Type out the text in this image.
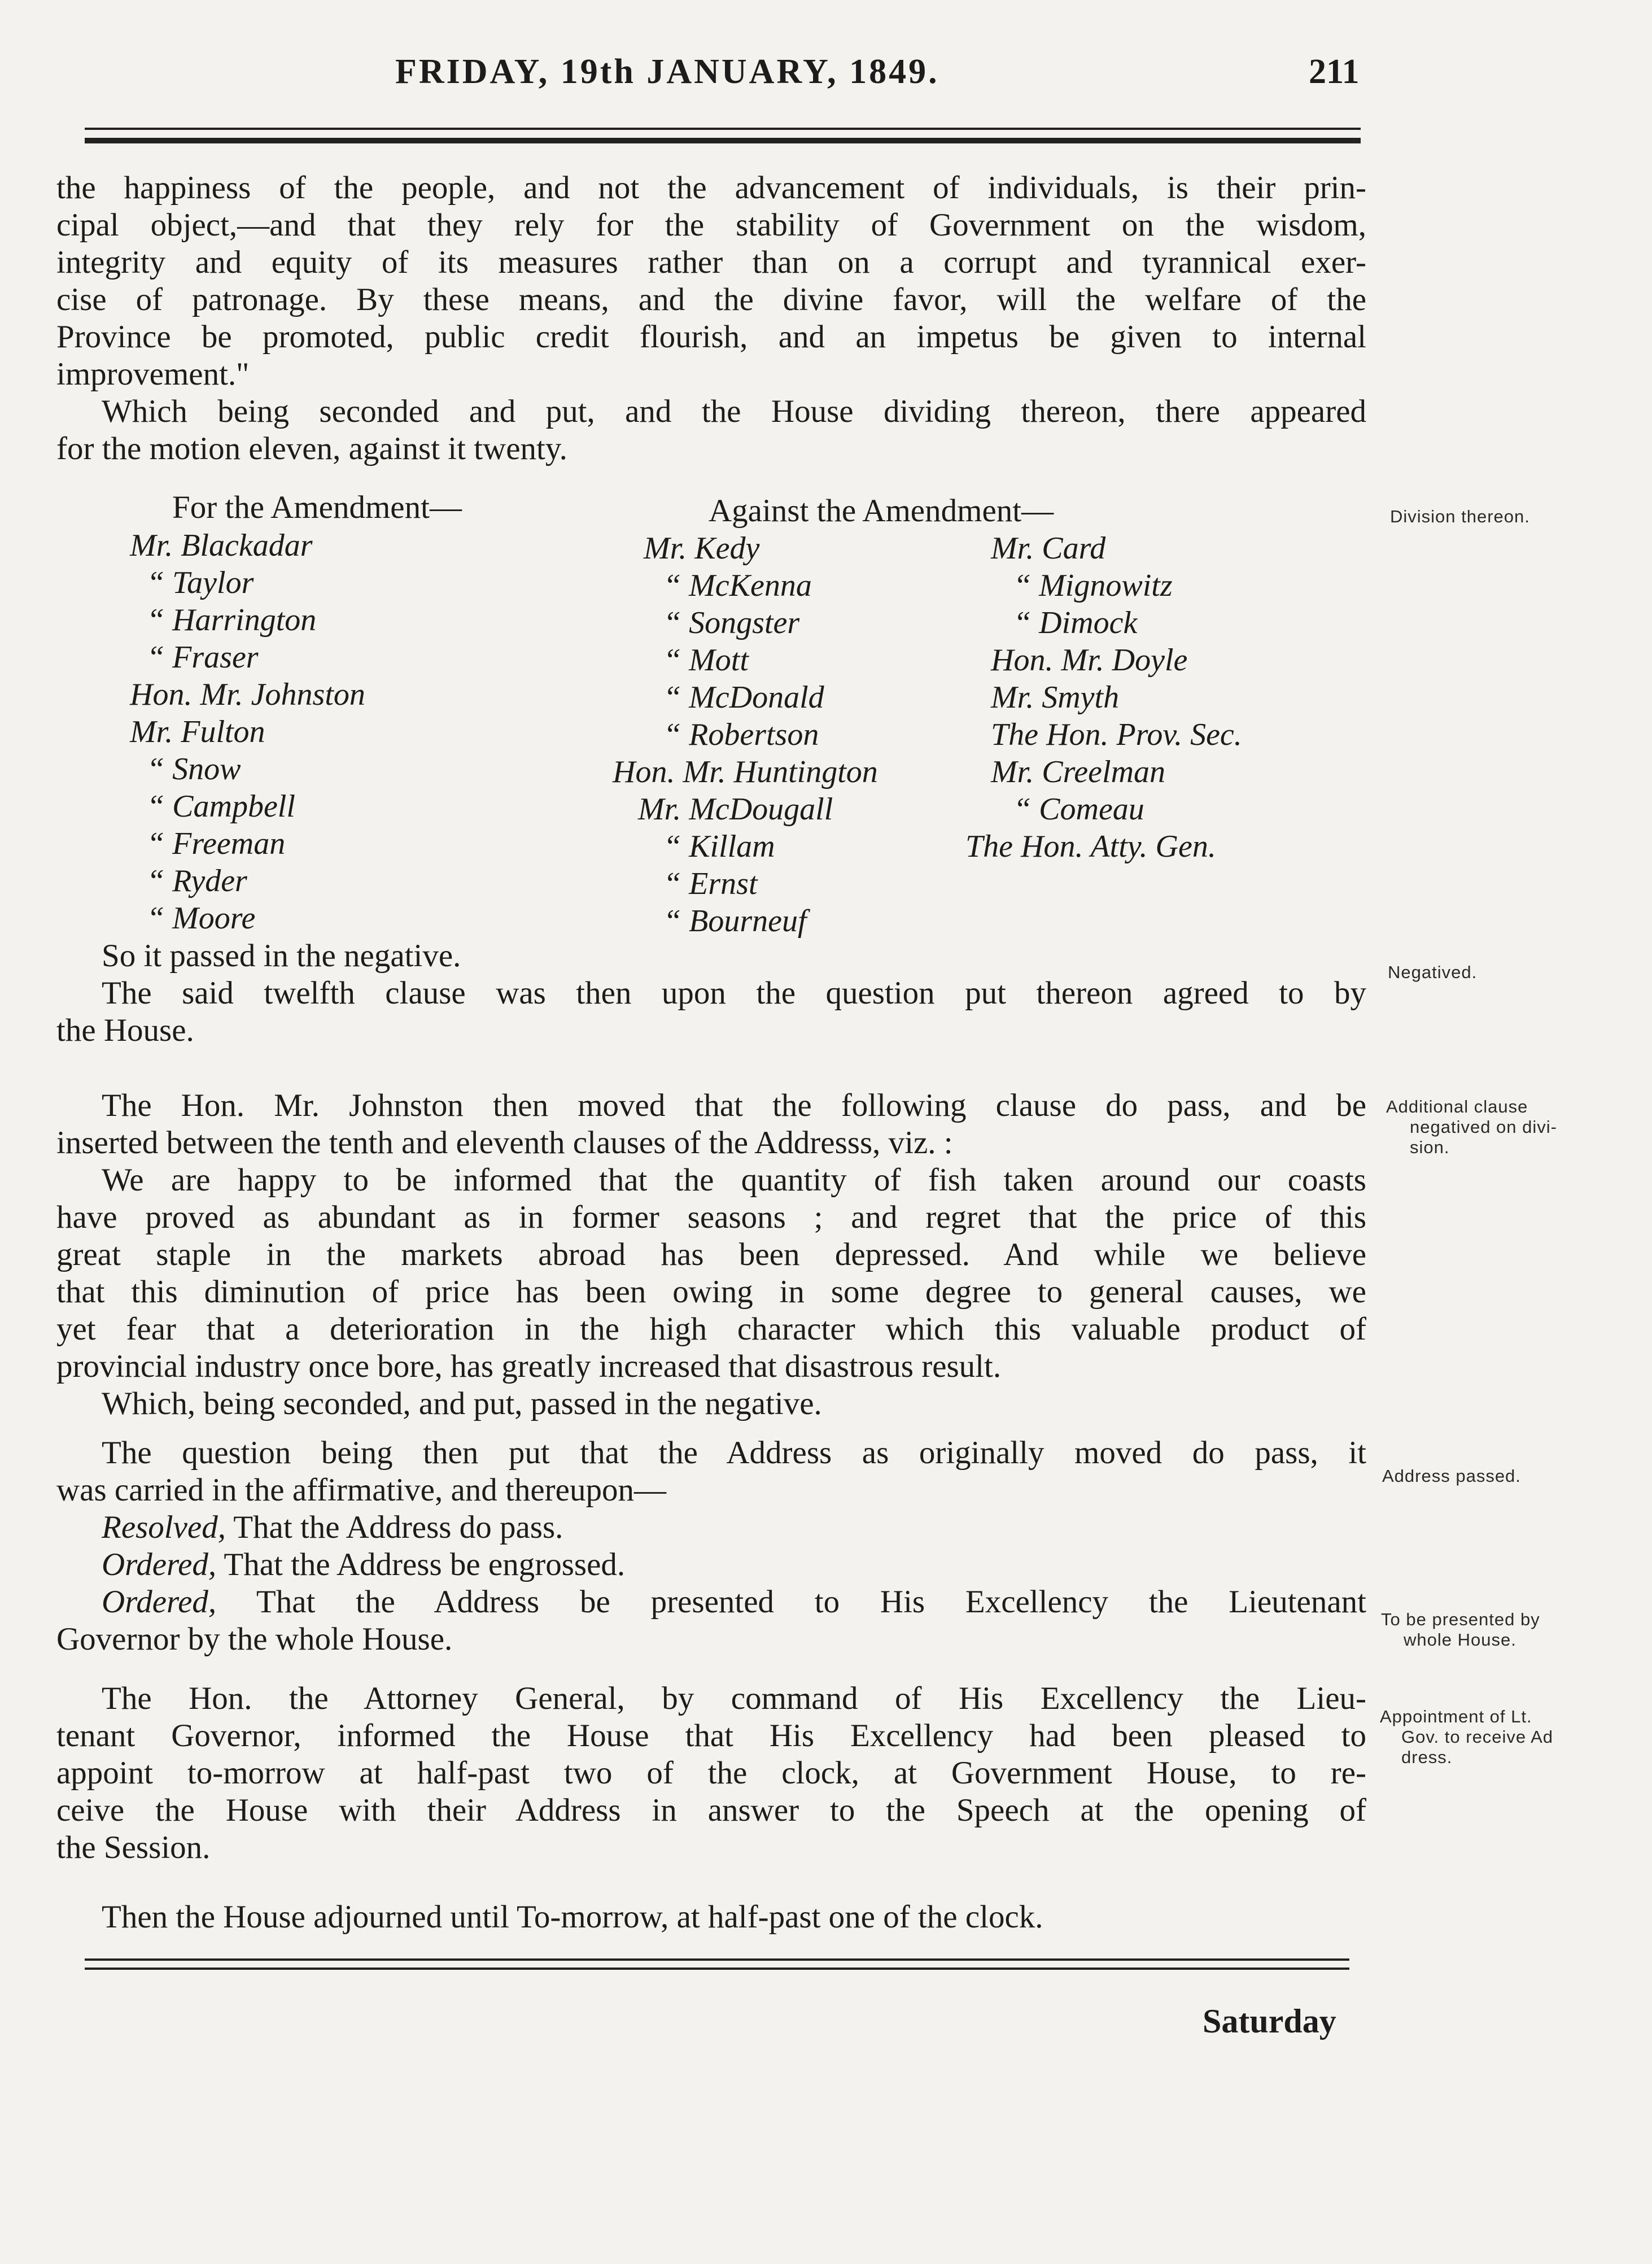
FRIDAY, 19th JANUARY, 1849.	211
the happiness of the people, and not the advancement of individuals, is their prin-
cipal object,—and that they rely for the stability of Government on the wisdom,
integrity and equity of its measures rather than on a corrupt and tyrannical exer-
cise of patronage. By these means, and the divine favor, will the welfare of the
Province be promoted, public credit flourish, and an impetus be given to internal
improvement."
Which being seconded and put, and the House dividing thereon, there appeared
for the motion eleven, against it twenty.
For the Amendment—	Against the Amendment—
Mr. Blackadar
“ Taylor
“ Harrington
“ Fraser
Hon. Mr. Johnston
Mr. Fulton
“ Snow
“ Campbell
“ Freeman
“ Ryder
“ Moore
Mr. Kedy
“ McKenna
“ Songster
“ Mott
“ McDonald
“ Robertson
Hon. Mr. Huntington
Mr. McDougall
“ Killam
“ Ernst
“ Bourneuf
Mr. Card
“ Mignowitz
“ Dimock
Hon. Mr. Doyle
Mr. Smyth
The Hon. Prov. Sec.
Mr. Creelman
“ Comeau
The Hon. Atty. Gen.
So it passed in the negative.
The said twelfth clause was then upon the question put thereon agreed to by
the House.
The Hon. Mr. Johnston then moved that the following clause do pass, and be
inserted between the tenth and eleventh clauses of the Addresss, viz. :
We are happy to be informed that the quantity of fish taken around our coasts
have proved as abundant as in former seasons ; and regret that the price of this
great staple in the markets abroad has been depressed. And while we believe
that this diminution of price has been owing in some degree to general causes, we
yet fear that a deterioration in the high character which this valuable product of
provincial industry once bore, has greatly increased that disastrous result.
Which, being seconded, and put, passed in the negative.
The question being then put that the Address as originally moved do pass, it
was carried in the affirmative, and thereupon—
Resolved, That the Address do pass.
Ordered, That the Address be engrossed.
Ordered, That the Address be presented to His Excellency the Lieutenant
Governor by the whole House.
The Hon. the Attorney General, by command of His Excellency the Lieu-
tenant Governor, informed the House that His Excellency had been pleased to
appoint to-morrow at half-past two of the clock, at Government House, to re-
ceive the House with their Address in answer to the Speech at the opening of
the Session.
Then the House adjourned until To-morrow, at half-past one of the clock.
Saturday
Division thereon.
Negatived.
Additional clause
negatived on divi-
sion.
Address passed.
To be presented by
whole House.
Appointment of Lt.
Gov. to receive Ad
dress.
